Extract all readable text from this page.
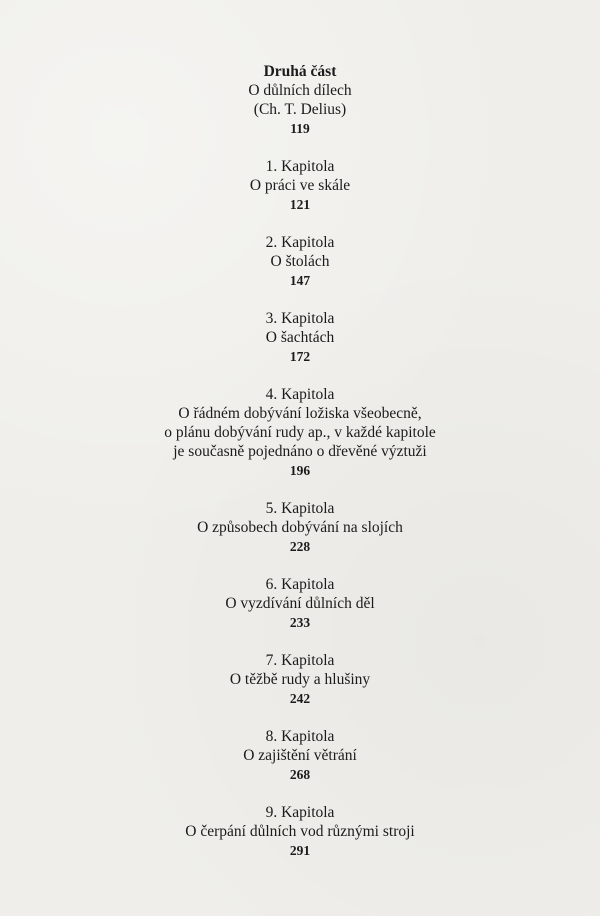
Druhá část
O důlních dílech
(Ch. T. Delius)
119
1. Kapitola
O práci ve skále
121
2. Kapitola
O štolách
147
3. Kapitola
O šachtách
172
4. Kapitola
O řádném dobývání ložiska všeobecně,
o plánu dobývání rudy ap., v každé kapitole
je současně pojednáno o dřevěné výztuži
196
5. Kapitola
O způsobech dobývání na slojích
228
6. Kapitola
O vyzdívání důlních děl
233
7. Kapitola
O těžbě rudy a hlušiny
242
8. Kapitola
O zajištění větrání
268
9. Kapitola
O čerpání důlních vod různými stroji
291
